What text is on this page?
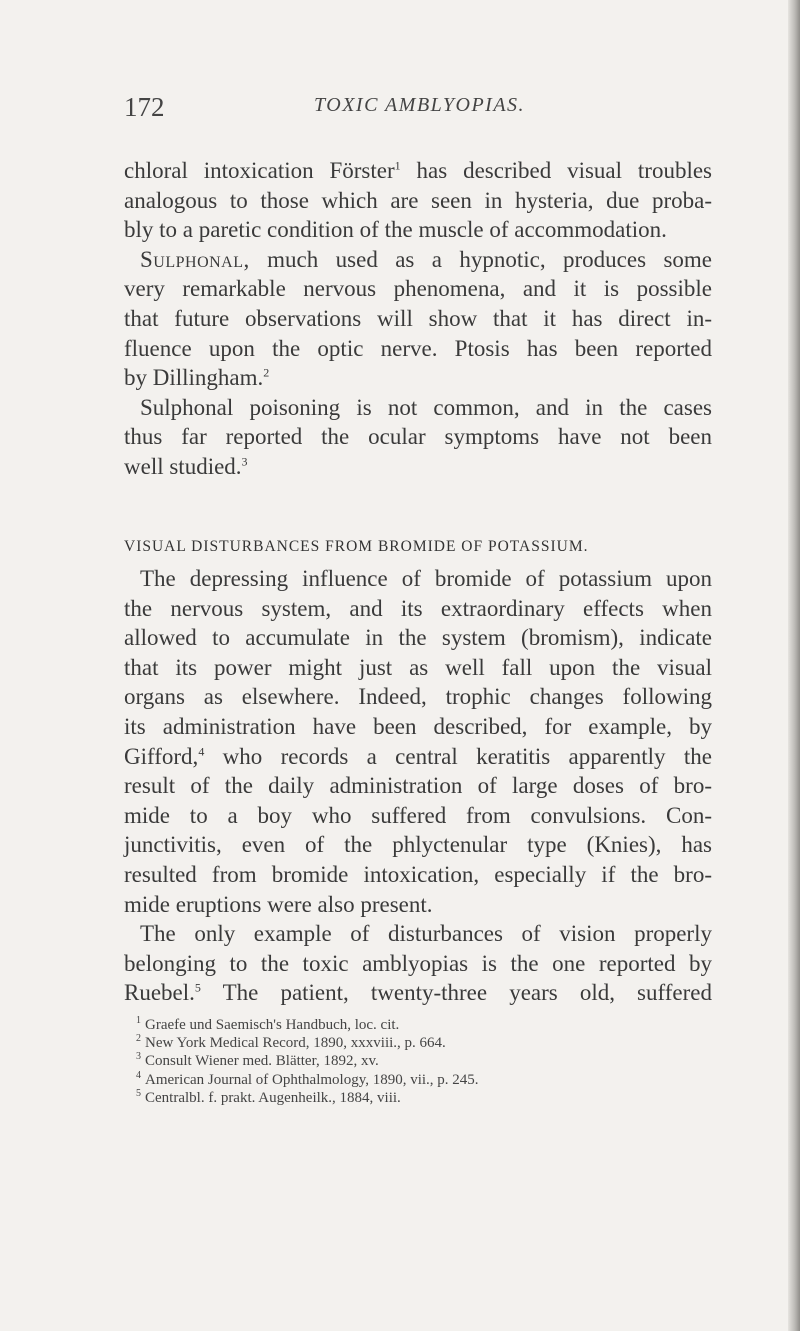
172	TOXIC AMBLYOPIAS.
chloral intoxication Förster$^1$ has described visual troubles
analogous to those which are seen in hysteria, due proba-
bly to a paretic condition of the muscle of accommodation.
Sulphonal, much used as a hypnotic, produces some
very remarkable nervous phenomena, and it is possible
that future observations will show that it has direct in-
fluence upon the optic nerve. Ptosis has been reported
by Dillingham.$^2$
Sulphonal poisoning is not common, and in the cases
thus far reported the ocular symptoms have not been
well studied.$^3$
VISUAL DISTURBANCES FROM BROMIDE OF POTASSIUM.
The depressing influence of bromide of potassium upon
the nervous system, and its extraordinary effects when
allowed to accumulate in the system (bromism), indicate
that its power might just as well fall upon the visual
organs as elsewhere. Indeed, trophic changes following
its administration have been described, for example, by
Gifford,$^4$ who records a central keratitis apparently the
result of the daily administration of large doses of bro-
mide to a boy who suffered from convulsions. Con-
junctivitis, even of the phlyctenular type (Knies), has
resulted from bromide intoxication, especially if the bro-
mide eruptions were also present.
The only example of disturbances of vision properly
belonging to the toxic amblyopias is the one reported by
Ruebel.$^5$ The patient, twenty-three years old, suffered
$^1$ Graefe und Saemisch's Handbuch, loc. cit.
$^2$ New York Medical Record, 1890, xxxviii., p. 664.
$^3$ Consult Wiener med. Blätter, 1892, xv.
$^4$ American Journal of Ophthalmology, 1890, vii., p. 245.
$^5$ Centralbl. f. prakt. Augenheilk., 1884, viii.
